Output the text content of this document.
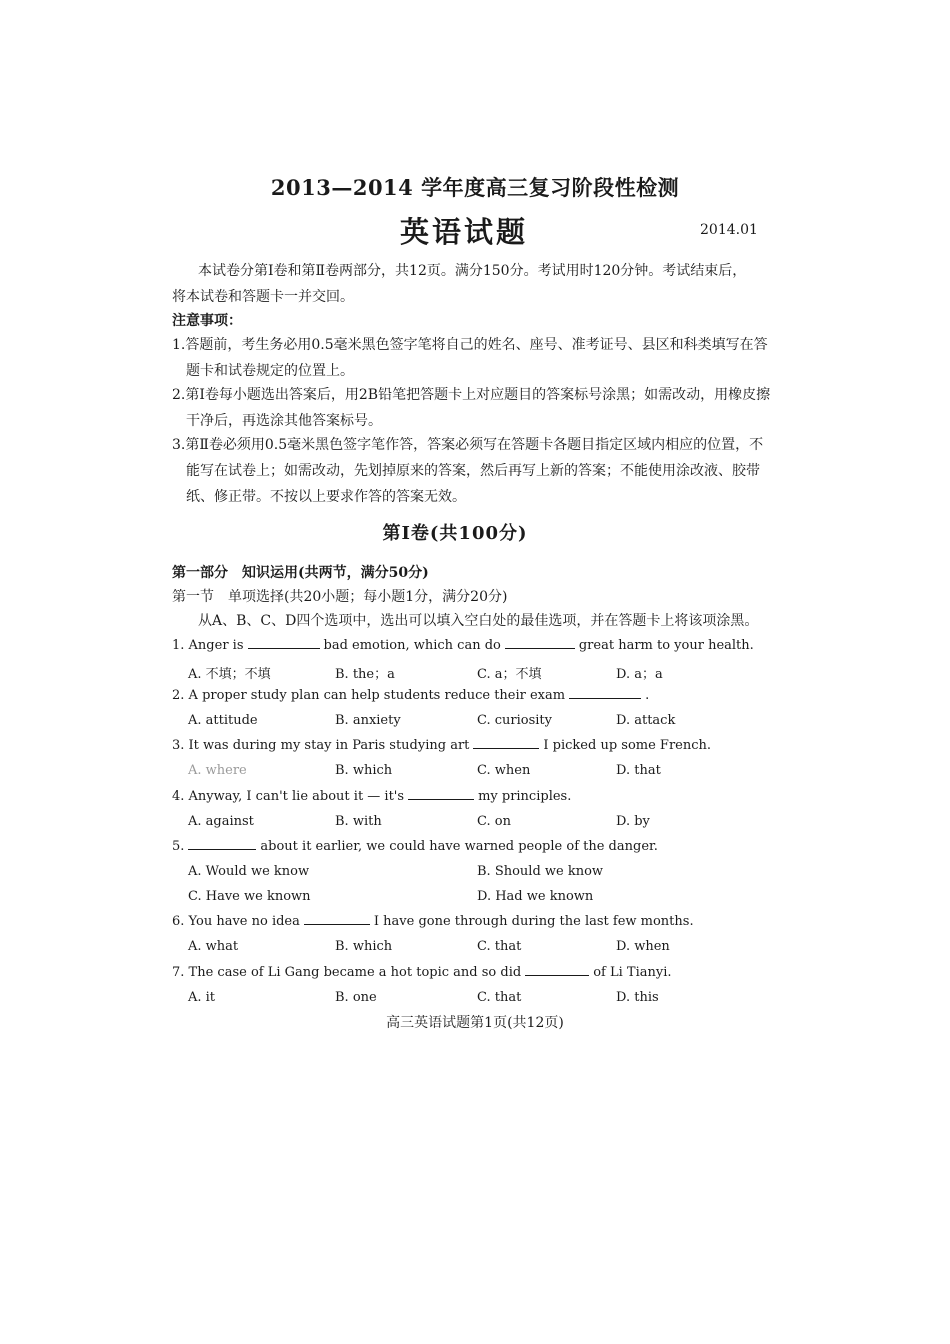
2013—2014 学年度高三复习阶段性检测
英语试题	2014.01
本试卷分第Ⅰ卷和第Ⅱ卷两部分，共12页。满分150分。考试用时120分钟。考试结束后，将本试卷和答题卡一并交回。
注意事项：
1.答题前，考生务必用0.5毫米黑色签字笔将自己的姓名、座号、准考证号、县区和科类填写在答题卡和试卷规定的位置上。
2.第Ⅰ卷每小题选出答案后，用2B铅笔把答题卡上对应题目的答案标号涂黑；如需改动，用橡皮擦干净后，再选涂其他答案标号。
3.第Ⅱ卷必须用0.5毫米黑色签字笔作答，答案必须写在答题卡各题目指定区域内相应的位置，不能写在试卷上；如需改动，先划掉原来的答案，然后再写上新的答案；不能使用涂改液、胶带纸、修正带。不按以上要求作答的答案无效。
第Ⅰ卷(共100分)
第一部分 知识运用(共两节，满分50分)
第一节 单项选择(共20小题；每小题1分，满分20分)
从A、B、C、D四个选项中，选出可以填入空白处的最佳选项，并在答题卡上将该项涂黑。
1. Anger is	bad emotion, which can do	great harm to your health.
A. 不填；不填	B. the；a	C. a；不填	D. a；a
2. A proper study plan can help students reduce their exam	.
A. attitude	B. anxiety	C. curiosity	D. attack
3. It was during my stay in Paris studying art	I picked up some French.
A. where	B. which	C. when	D. that
4. Anyway, I can't lie about it — it's	my principles.
A. against	B. with	C. on	D. by
5.	about it earlier, we could have warned people of the danger.
A. Would we know	B. Should we know
C. Have we known	D. Had we known
6. You have no idea	I have gone through during the last few months.
A. what	B. which	C. that	D. when
7. The case of Li Gang became a hot topic and so did	of Li Tianyi.
A. it	B. one	C. that	D. this
高三英语试题第1页(共12页)
